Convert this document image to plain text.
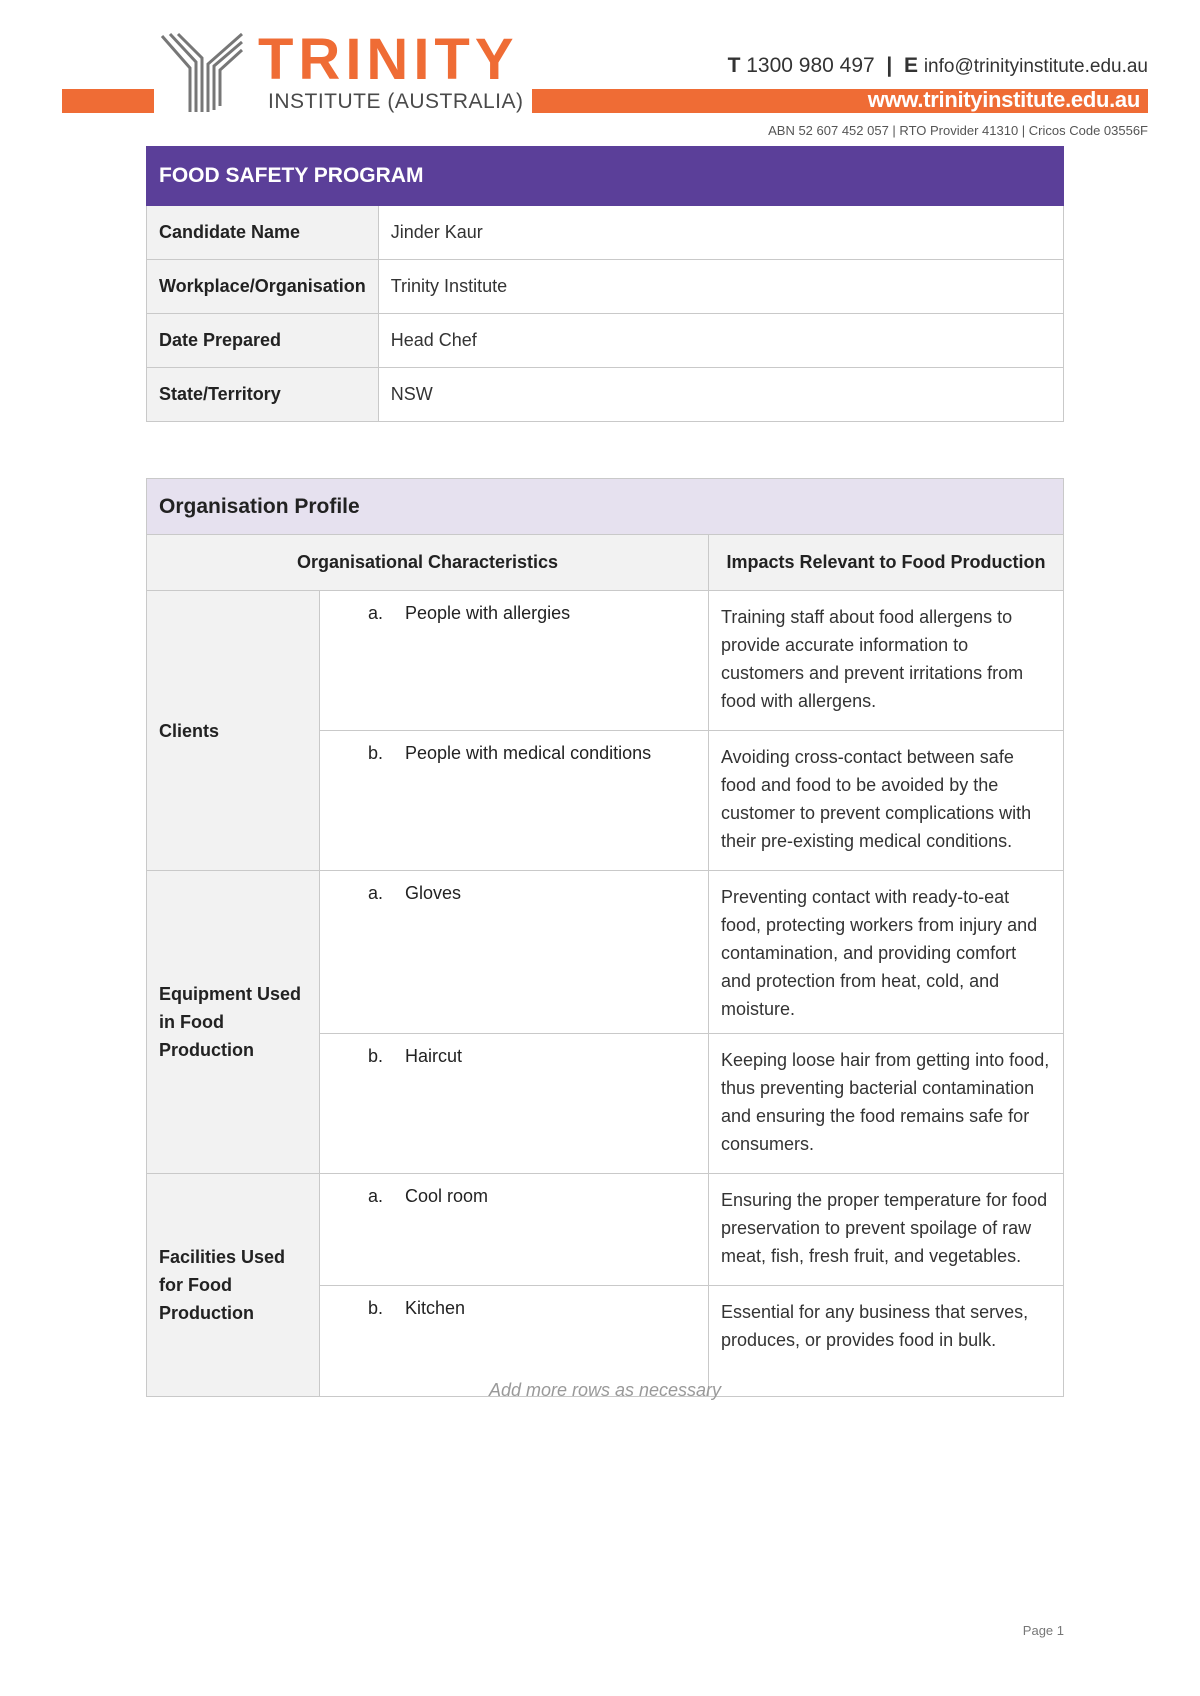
www.trinityinstitute.edu.au
TRINITY
INSTITUTE (AUSTRALIA)
T 1300 980 497 | E info@trinityinstitute.edu.au
ABN 52 607 452 057 | RTO Provider 41310 | Cricos Code 03556F
FOOD SAFETY PROGRAM	
Candidate Name	Jinder Kaur
Workplace/Organisation	Trinity Institute
Date Prepared	Head Chef
State/Territory	NSW
Organisation Profile		
Organisational Characteristics		Impacts Relevant to Food Production
Clients	a. People with allergies	Training staff about food allergens to provide accurate information to customers and prevent irritations from food with allergens.

	b. People with medical conditions	Avoiding cross-contact between safe food and food to be avoided by the customer to prevent complications with their pre-existing medical conditions.
Equipment Used in Food Production	a. Gloves	Preventing contact with ready-to-eat food, protecting workers from injury and contamination, and providing comfort and protection from heat, cold, and moisture.

	b. Haircut	Keeping loose hair from getting into food, thus preventing bacterial contamination and ensuring the food remains safe for consumers.
Facilities Used for Food Production	a. Cool room	Ensuring the proper temperature for food preservation to prevent spoilage of raw meat, fish, fresh fruit, and vegetables.

	b. Kitchen	Essential for any business that serves, produces, or provides food in bulk.
Add more rows as necessary
Page 1
